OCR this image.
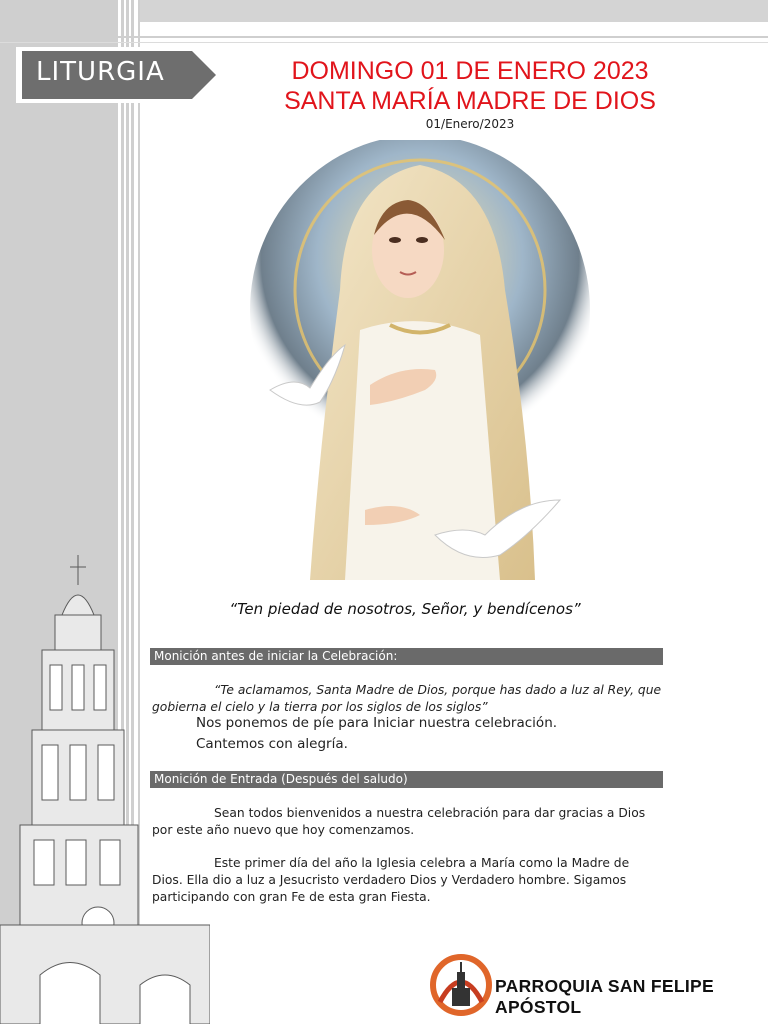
LITURGIA	DOMINGO 01 DE ENERO 2023
SANTA MARÍA MADRE DE DIOS
01/Enero/2023
“Ten piedad de nosotros, Señor, y bendícenos”
Monición antes de iniciar la Celebración:
“Te aclamamos, Santa Madre de Dios, porque has dado a luz al Rey, que gobierna el cielo y la tierra por los siglos de los siglos”
Nos ponemos de píe para Iniciar nuestra celebración.
Cantemos con alegría.
Monición de Entrada (Después del saludo)
Sean todos bienvenidos a nuestra celebración para dar gracias a Dios por este año nuevo que hoy comenzamos.
Este primer día del año la Iglesia celebra a María como la Madre de Dios. Ella dio a luz a Jesucristo verdadero Dios y Verdadero hombre. Sigamos participando con gran Fe de esta gran Fiesta.
PARROQUIA SAN FELIPE APÓSTOL
